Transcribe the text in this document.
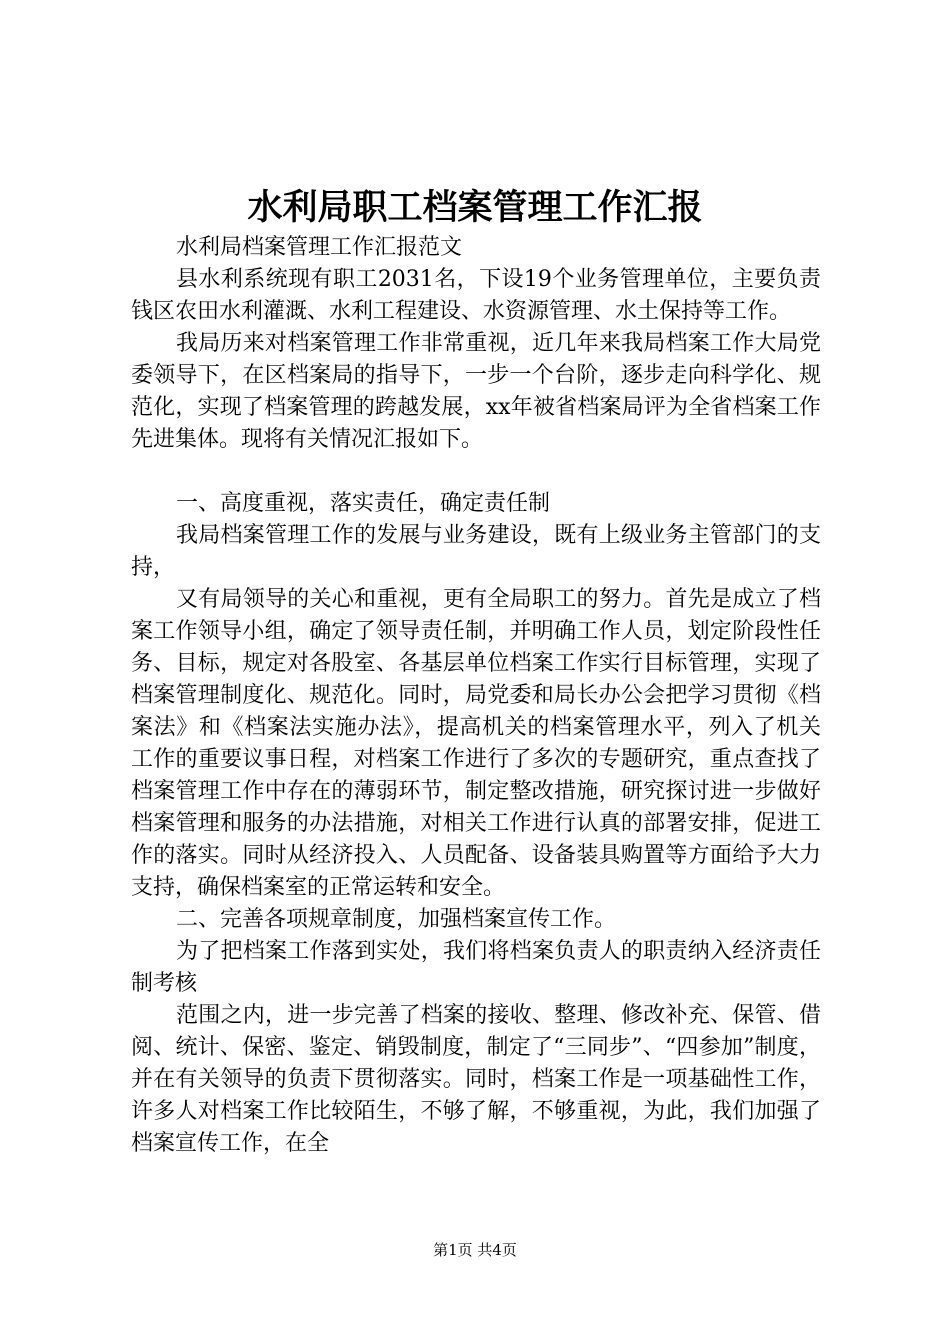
水利局职工档案管理工作汇报

水利局档案管理工作汇报范文

县水利系统现有职工2031名，下设19个业务管理单位，主要负责钱区农田水利灌溉、水利工程建设、水资源管理、水土保持等工作。

我局历来对档案管理工作非常重视，近几年来我局档案工作大局党委领导下，在区档案局的指导下，一步一个台阶，逐步走向科学化、规范化，实现了档案管理的跨越发展，xx年被省档案局评为全省档案工作先进集体。现将有关情况汇报如下。

一、高度重视，落实责任，确定责任制

我局档案管理工作的发展与业务建设，既有上级业务主管部门的支持，

又有局领导的关心和重视，更有全局职工的努力。首先是成立了档案工作领导小组，确定了领导责任制，并明确工作人员，划定阶段性任务、目标，规定对各股室、各基层单位档案工作实行目标管理，实现了档案管理制度化、规范化。同时，局党委和局长办公会把学习贯彻《档案法》和《档案法实施办法》，提高机关的档案管理水平，列入了机关工作的重要议事日程，对档案工作进行了多次的专题研究，重点查找了档案管理工作中存在的薄弱环节，制定整改措施，研究探讨进一步做好档案管理和服务的办法措施，对相关工作进行认真的部署安排，促进工作的落实。同时从经济投入、人员配备、设备装具购置等方面给予大力支持，确保档案室的正常运转和安全。

二、完善各项规章制度，加强档案宣传工作。

为了把档案工作落到实处，我们将档案负责人的职责纳入经济责任制考核

范围之内，进一步完善了档案的接收、整理、修改补充、保管、借阅、统计、保密、鉴定、销毁制度，制定了“三同步”、“四参加”制度，并在有关领导的负责下贯彻落实。同时，档案工作是一项基础性工作，许多人对档案工作比较陌生，不够了解，不够重视，为此，我们加强了档案宣传工作，在全

第1页 共4页
